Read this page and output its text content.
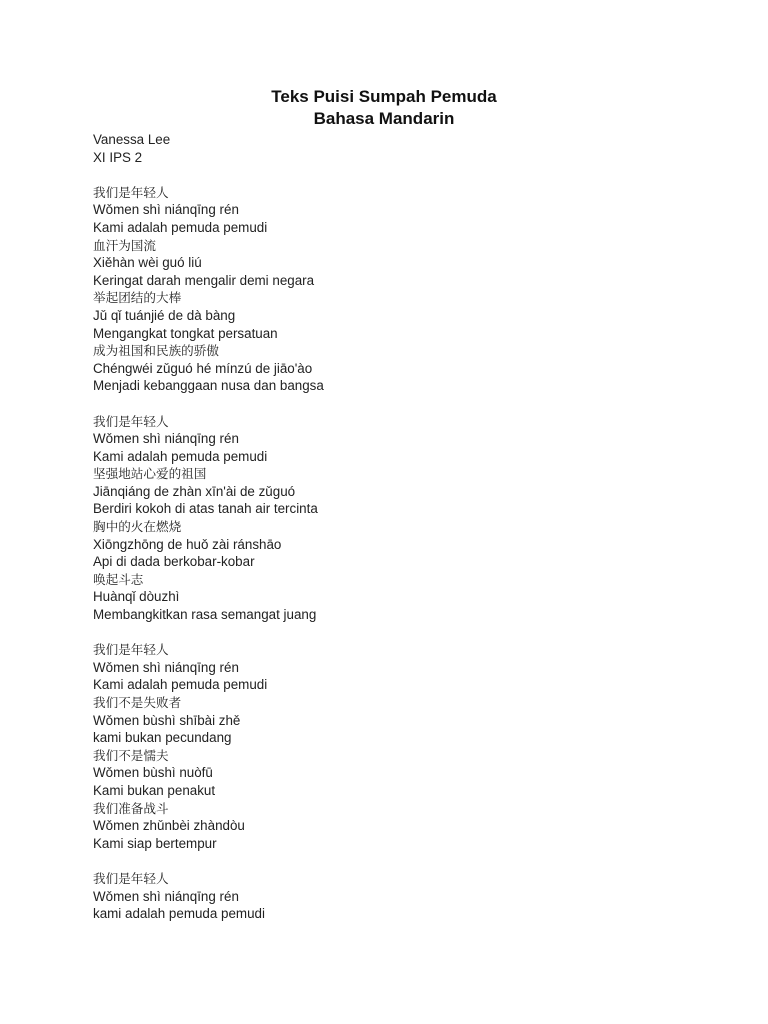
Teks Puisi Sumpah Pemuda
Bahasa Mandarin
Vanessa Lee
XI IPS 2
我们是年轻人
Wǒmen shì niánqīng rén
Kami adalah pemuda pemudi
血汗为国流
Xiěhàn wèi guó liú
Keringat darah mengalir demi negara
举起团结的大棒
Jǔ qǐ tuánjié de dà bàng
Mengangkat tongkat persatuan
成为祖国和民族的骄傲
Chéngwéi zǔguó hé mínzú de jiāo'ào
Menjadi kebanggaan nusa dan bangsa
我们是年轻人
Wǒmen shì niánqīng rén
Kami adalah pemuda pemudi
坚强地站心爱的祖国
Jiānqiáng de zhàn xīn'ài de zǔguó
Berdiri kokoh di atas tanah air tercinta
胸中的火在燃烧
Xiōngzhōng de huǒ zài ránshāo
Api di dada berkobar-kobar
唤起斗志
Huànqǐ dòuzhì
Membangkitkan rasa semangat juang
我们是年轻人
Wǒmen shì niánqīng rén
Kami adalah pemuda pemudi
我们不是失败者
Wǒmen bùshì shībài zhě
kami bukan pecundang
我们不是懦夫
Wǒmen bùshì nuòfū
Kami bukan penakut
我们准备战斗
Wǒmen zhǔnbèi zhàndòu
Kami siap bertempur
我们是年轻人
Wǒmen shì niánqīng rén
kami adalah pemuda pemudi
